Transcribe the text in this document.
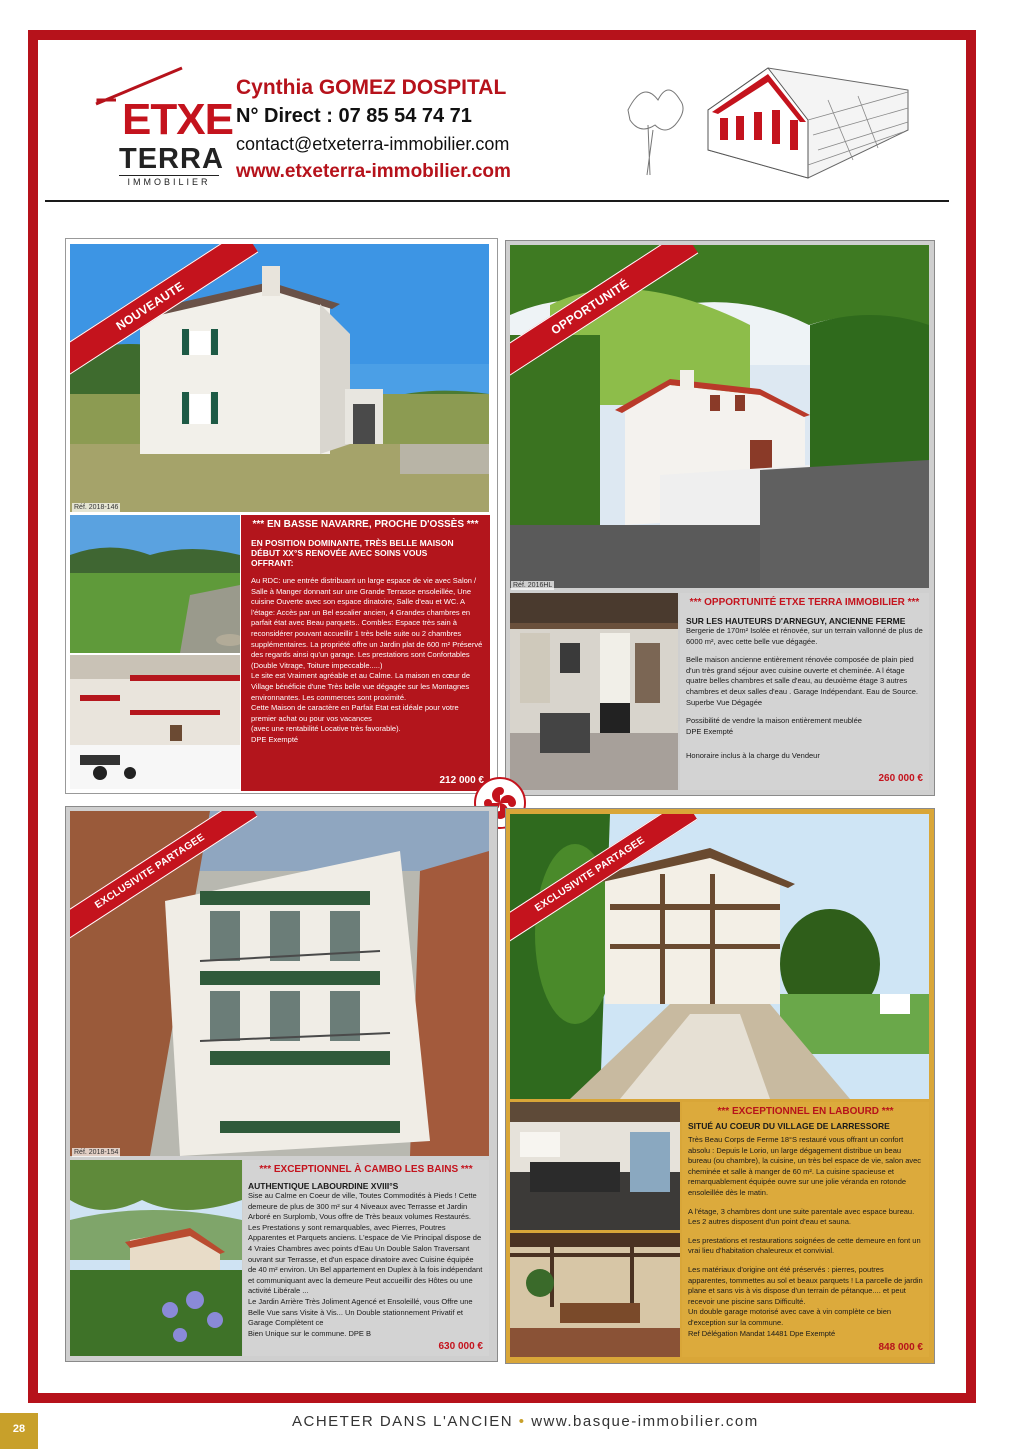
ETXE
TERRA
IMMOBILIER
Cynthia GOMEZ DOSPITAL
N° Direct : 07 85 54 74 71
contact@etxeterra-immobilier.com
www.etxeterra-immobilier.com
NOUVEAUTE
Réf. 2018-146
*** EN BASSE NAVARRE, PROCHE D'OSSÈS ***
EN POSITION DOMINANTE, TRÈS BELLE MAISON DÉBUT XX°S RENOVÉE AVEC SOINS VOUS OFFRANT:

Au RDC: une entrée distribuant un large espace de vie avec Salon / Salle à Manger donnant sur une Grande Terrasse ensoleillée, Une cuisine Ouverte avec son espace dinatoire, Salle d'eau et WC. A l'étage: Accès par un Bel escalier ancien, 4 Grandes chambres en parfait état avec Beau parquets.. Combles: Espace très sain à reconsidérer pouvant accueillir 1 très belle suite ou 2 chambres supplémentaires. La propriété offre un Jardin plat de 600 m² Préservé des regards ainsi qu'un garage. Les prestations sont Confortables (Double Vitrage, Toiture impeccable.....)

Le site est Vraiment agréable et au Calme. La maison en cœur de Village bénéficie d'une Très belle vue dégagée sur les Montagnes environnantes. Les commerces sont proximité.

Cette Maison de caractère en Parfait Etat est idéale pour votre premier achat ou pour vos vacances

(avec une rentabilité Locative très favorable).

DPE Exempté

212 000 €
OPPORTUNITÉ
Réf. 2016HL
*** OPPORTUNITÉ ETXE TERRA IMMOBILIER ***
SUR LES HAUTEURS D'ARNEGUY, ANCIENNE FERME

Bergerie de 170m² Isolée et rénovée, sur un terrain vallonné de plus de 6000 m², avec cette belle vue dégagée.

Belle maison ancienne entièrement rénovée composée de plain pied d'un très grand séjour avec cuisine ouverte et cheminée. A l étage quatre belles chambres et salle d'eau, au deuxième étage 3 autres chambres et deux salles d'eau . Garage Indépendant. Eau de Source. Superbe Vue Dégagée

Possibilité de vendre la maison entièrement meublée

DPE Exempté

Honoraire inclus à la charge du Vendeur

260 000 €
EXCLUSIVITE PARTAGEE
Réf. 2018-154
*** EXCEPTIONNEL À CAMBO LES BAINS ***
AUTHENTIQUE LABOURDINE XVIII°S

Sise au Calme en Coeur de ville, Toutes Commodités à Pieds ! Cette demeure de plus de 300 m² sur 4 Niveaux avec Terrasse et Jardin Arboré en Surplomb, Vous offre de Très beaux volumes Restaurés. Les Prestations y sont remarquables, avec Pierres, Poutres Apparentes et Parquets anciens. L'espace de Vie Principal dispose de 4 Vraies Chambres avec points d'Eau Un Double Salon Traversant ouvrant sur Terrasse, et d'un espace dinatoire avec Cuisine équipée de 40 m² environ. Un Bel appartement en Duplex à la fois indépendant et communiquant avec la demeure Peut accueillir des Hôtes ou une activité Libérale ...

Le Jardin Arrière Très Joliment Agencé et Ensoleillé, vous Offre une Belle Vue sans Visite à Vis... Un Double stationnement Privatif et Garage Complètent ce

Bien Unique sur le commune. DPE B

630 000 €
EXCLUSIVITE PARTAGEE
*** EXCEPTIONNEL EN LABOURD ***
SITUÉ AU COEUR DU VILLAGE DE LARRESSORE

Très Beau Corps de Ferme 18°S restauré vous offrant un confort absolu : Depuis le Lorio, un large dégagement distribue un beau bureau (ou chambre), la cuisine, un très bel espace de vie, salon avec cheminée et salle à manger de 60 m². La cuisine spacieuse et remarquablement équipée ouvre sur une jolie véranda en rotonde ensoleillée dès le matin.

A l'étage, 3 chambres dont une suite parentale avec espace bureau. Les 2 autres disposent d'un point d'eau et sauna.

Les prestations et restaurations soignées de cette demeure en font un vrai lieu d'habitation chaleureux et convivial.

Les matériaux d'origine ont été préservés : pierres, poutres apparentes, tommettes au sol et beaux parquets ! La parcelle de jardin plane et sans vis à vis dispose d'un terrain de pétanque.... et peut recevoir une piscine sans Difficulté.

Un double garage motorisé avec cave à vin complète ce bien d'exception sur la commune.

Ref Délégation Mandat 14481 Dpe Exempté

848 000 €
28	ACHETER DANS L'ANCIEN • www.basque-immobilier.com
